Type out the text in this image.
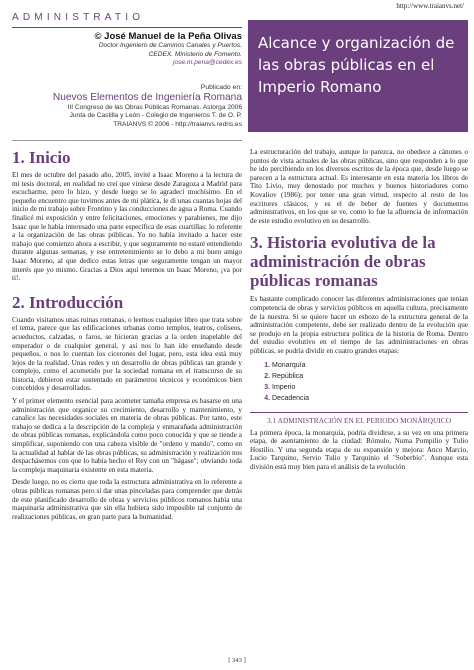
http://www.traianvs.net/
ADMINISTRATIO
© José Manuel de la Peña Olivas
Doctor Ingeniero de Caminos Canales y Puertos.
CEDEX. Ministerio de Fomento.
jose.m.pena@cedex.es
Alcance y organización de las obras públicas en el Imperio Romano
Publicado en:
Nuevos Elementos de Ingeniería Romana
III Congreso de las Obras Públicas Romanas. Astorga 2006
Junta de Castilla y León - Colegio de Ingenieros T. de O. P.
TRAIANVS © 2006 - http://traianvs.redris.es
1. Inicio

El mes de octubre del pasado año, 2005, invité a Isaac Moreno a la lectura de mi tesis doctoral, en realidad no creí que viniese desde Zaragoza a Madrid para escucharme, pero lo hizo, y desde luego se lo agradecí muchísimo. En el pequeño encuentro que tuvimos antes de mi plática, le di unas cuantas hojas del inicio de mi trabajo sobre Frontino y las conducciones de agua a Roma. Cuando finalicé mi exposición y entre felicitaciones, emociones y parabienes, me dijo Isaac que le había interesado una parte específica de esas cuartillas: lo referente a la organización de las obras públicas. Yo no había invitado a hacer este trabajo que comienzo ahora a escribir, y que seguramente no estaré entendiendo durante algunas semanas, y ese entretenimiento se lo debo a mi buen amigo Isaac Moreno, al que dedico estas letras que seguramente tengan un mayor interés que yo mismo. Gracias a Dios aquí tenemos un Isaac Moreno, ¡va por ti!.

2. Introducción

Cuando visitamos unas ruinas romanas, o leemos cualquier libro que trata sobre el tema, parece que las edificaciones urbanas como templos, teatros, coliseos, acueductos, calzadas, o faros, se hicieran gracias a la orden inapelable del emperador o de cualquier general, y así nos lo han ido enseñando desde pequeños, o nos lo cuentan los cicerones del lugar, pero, esta idea está muy lejos de la realidad. Unas redes y un desarrollo de obras públicas tan grande y complejo, como el acometido por la sociedad romana en el transcurso de su historia, debieron estar sustentado en parámetros técnicos y económicos bien concebidos y desarrollados.

Y el primer elemento esencial para acometer tamaña empresa es basarse en una administración que organice su crecimiento, desarrollo y mantenimiento, y canalice las necesidades sociales en materia de obras públicas. Por tanto, este trabajo se dedica a la descripción de la compleja y enmarañada administración de obras públicas romanas, explicándola como poco conocida y que se tiende a simplificar, suponiendo con una cabeza visible de "ordeno y mando", como en la actualidad al hablar de las obras públicas, su administración y realización nos despachásemos con que lo había hecho el Rey con un "hágase"; obviando toda la compleja maquinaria existente en esta materia.

Desde luego, no es cierto que toda la estructura administrativa en lo referente a obras públicas romanas pero sí dar unas pinceladas para comprender que detrás de este planificado desarrollo de obras y servicios públicos romanos había una maquinaria administrativa que sin ella hubiera sido imposible tal conjunto de realizaciones públicas, en gran parte para la humanidad.

La estructuración del trabajo, aunque lo parezca, no obedece a cánones o puntos de vista actuales de las obras públicas, sino que responden a lo que he ido percibiendo en los diversos escritos de la época que, desde luego se parecen a la estructura actual. Es interesante en esta materia los libros de Tito Livio, muy denostado por muchos y buenos historiadores como Kovaliov (1986); por tener una gran virtud, respecto al resto de los escritores clásicos, y es el de beber de fuentes y documentos administrativos, en los que se ve, como lo fue la afluencia de información de este estudio evolutivo en su desarrollo.

3. Historia evolutiva de la administración de obras públicas romanas

Es bastante complicado conocer las diferentes administraciones que tenían competencia de obras y servicios públicos en aquella cultura, precisamente de la nuestra. Si se quiere hacer un esbozo de la estructura general de la administración competente, debe ser realizado dentro de la evolución que se produjo en la propia estructura política de la historia de Roma. Dentro del estudio evolutivo en el tiempo de las administraciones en obras públicas, se podría dividir en cuatro grandes etapas:

1. Monarquía
2. República
3. Imperio
4. Decadencia
3.1 ADMINISTRACIÓN EN EL PERIODO MONÁRQUICO

La primera época, la monarquía, podría dividirse, a su vez en una primera etapa, de asentamiento de la ciudad: Rómulo, Numa Pompilio y Tulio Hostilio. Y una segunda etapa de su expansión y mejora: Anco Marcio, Lucio Tarquino, Servio Tulio y Tarquinio el "Soberbio". Aunque esta división está muy bien para el análisis de la evolución

[ 343 ]
